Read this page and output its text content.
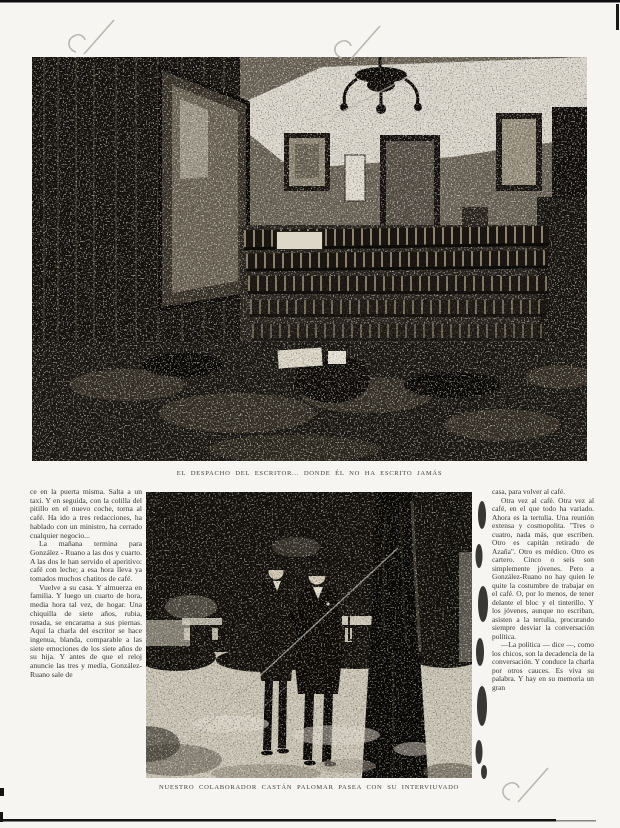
EL DESPACHO DEL ESCRITOR... DONDE ÉL NO HA ESCRITO JAMÁS

ce en la puerta misma. Salta a un taxi. Y en seguida, con la colilla del pitillo en el nuevo coche, torna al café. Ha ido a tres redacciones, ha hablado con un ministro, ha cerrado cualquier negocio...

La mañana termina para González - Ruano a las dos y cuarto. A las dos le han servido el aperitivo: café con leche; a esa hora lleva ya tomados muchos chatitos de café.

Vuelve a su casa. Y almuerza en familia. Y luego un cuarto de hora, media hora tal vez, de hogar. Una chiquilla de siete años, rubia, rosada, se encarama a sus piernas. Aquí la charla del escritor se hace ingenua, blanda, comparable a las siete emociones de los siete años de su hija. Y antes de que el reloj anuncie las tres y media, González-Ruano sale de

casa, para volver al café.

Otra vez al café. Otra vez al café, en el que todo ha variado. Ahora es la tertulia. Una reunión extensa y cosmopolita. "Tres o cuatro, nada más, que escriben. Otro es capitán retirado de Azaña". Otro es médico. Otro es cartero. Cinco o seis son simplemente jóvenes. Pero a González-Ruano no hay quien le quite la costumbre de trabajar en el café. O, por lo menos, de tener delante el bloc y el tinterillo. Y los jóvenes, aunque no escriban, asisten a la tertulia, procurando siempre desviar la conversación política.

—La política — dice —, como los chicos, son la decadencia de la conversación. Y conduce la charla por otros cauces. Es viva su palabra. Y hay en su memoria un gran

NUESTRO COLABORADOR CASTÁN PALOMAR PASEA CON SU INTERVIUVADO
